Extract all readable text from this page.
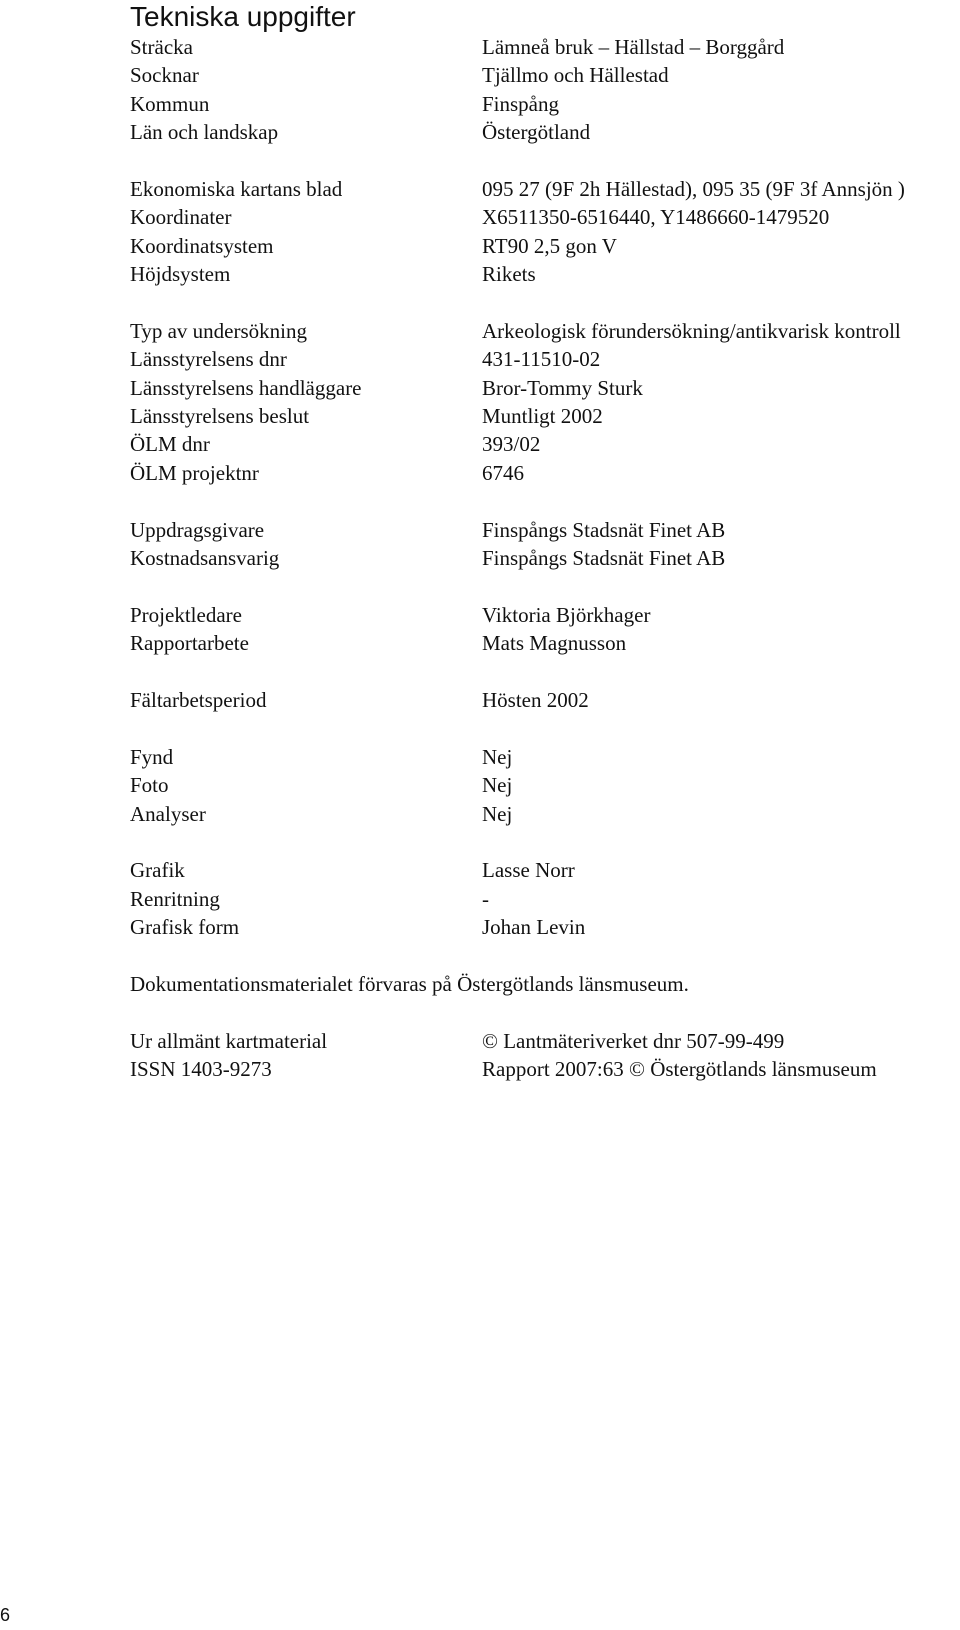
Tekniska uppgifter
Sträcka	Lämneå bruk – Hällstad – Borggård
Socknar	Tjällmo och Hällestad
Kommun	Finspång
Län och landskap	Östergötland
Ekonomiska kartans blad	095 27 (9F 2h Hällestad), 095 35 (9F 3f Annsjön )
Koordinater	X6511350-6516440, Y1486660-1479520
Koordinatsystem	RT90 2,5 gon V
Höjdsystem	Rikets
Typ av undersökning	Arkeologisk förundersökning/antikvarisk kontroll
Länsstyrelsens dnr	431-11510-02
Länsstyrelsens handläggare	Bror-Tommy Sturk
Länsstyrelsens beslut	Muntligt 2002
ÖLM dnr	393/02
ÖLM projektnr	6746
Uppdragsgivare	Finspångs Stadsnät Finet AB
Kostnadsansvarig	Finspångs Stadsnät Finet AB
Projektledare	Viktoria Björkhager
Rapportarbete	Mats Magnusson
Fältarbetsperiod	Hösten 2002
Fynd	Nej
Foto	Nej
Analyser	Nej
Grafik	Lasse Norr
Renritning	-
Grafisk form	Johan Levin
Dokumentationsmaterialet förvaras på Östergötlands länsmuseum.
Ur allmänt kartmaterial	© Lantmäteriverket dnr 507-99-499
ISSN 1403-9273	Rapport 2007:63 © Östergötlands länsmuseum
6
